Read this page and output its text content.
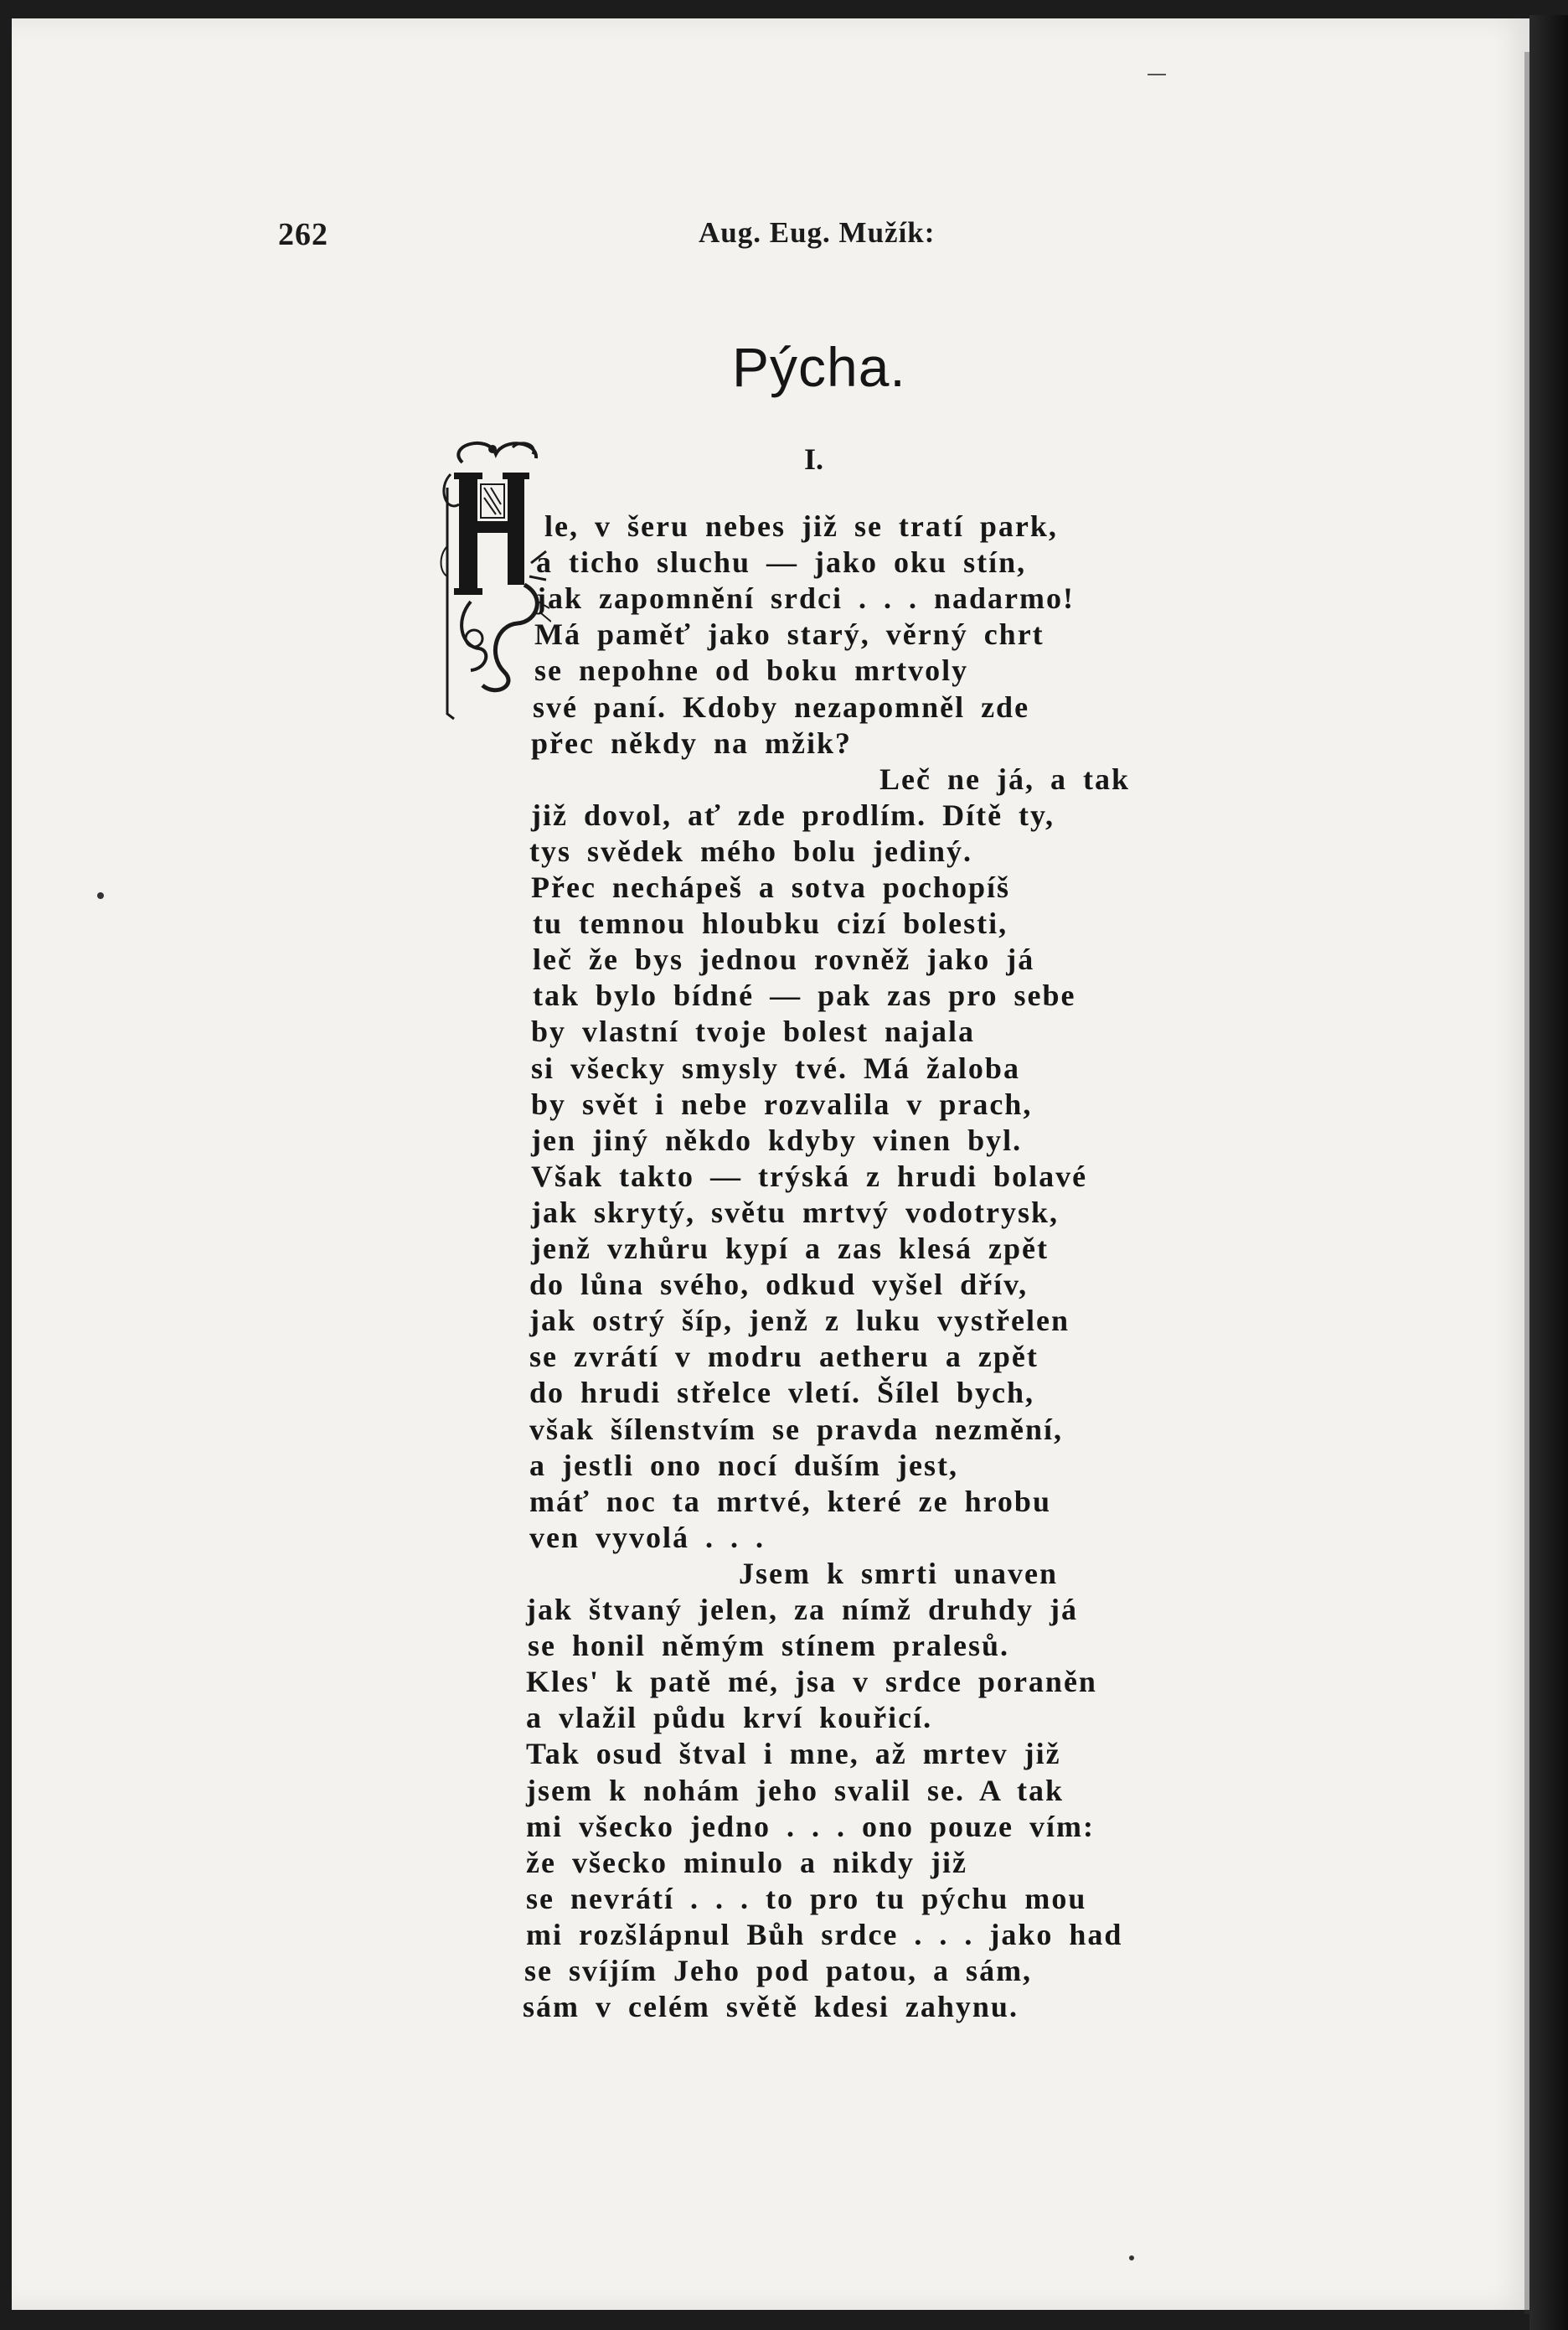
262	Aug. Eug. Mužík:
Pýcha.
I.
le, v šeru nebes již se tratí park,
a ticho sluchu — jako oku stín,
jak zapomnění srdci . . . nadarmo!
Má paměť jako starý, věrný chrt
se nepohne od boku mrtvoly
své paní. Kdoby nezapomněl zde
přec někdy na mžik?
Leč ne já, a tak
již dovol, ať zde prodlím. Dítě ty,
tys svědek mého bolu jediný.
Přec nechápeš a sotva pochopíš
tu temnou hloubku cizí bolesti,
leč že bys jednou rovněž jako já
tak bylo bídné — pak zas pro sebe
by vlastní tvoje bolest najala
si všecky smysly tvé. Má žaloba
by svět i nebe rozvalila v prach,
jen jiný někdo kdyby vinen byl.
Však takto — trýská z hrudi bolavé
jak skrytý, světu mrtvý vodotrysk,
jenž vzhůru kypí a zas klesá zpět
do lůna svého, odkud vyšel dřív,
jak ostrý šíp, jenž z luku vystřelen
se zvrátí v modru aetheru a zpět
do hrudi střelce vletí. Šílel bych,
však šílenstvím se pravda nezmění,
a jestli ono nocí duším jest,
máť noc ta mrtvé, které ze hrobu
ven vyvolá . . .
Jsem k smrti unaven
jak štvaný jelen, za nímž druhdy já
se honil němým stínem pralesů.
Kles' k patě mé, jsa v srdce poraněn
a vlažil půdu krví kouřicí.
Tak osud štval i mne, až mrtev již
jsem k nohám jeho svalil se. A tak
mi všecko jedno . . . ono pouze vím:
že všecko minulo a nikdy již
se nevrátí . . . to pro tu pýchu mou
mi rozšlápnul Bůh srdce . . . jako had
se svíjím Jeho pod patou, a sám,
sám v celém světě kdesi zahynu.
